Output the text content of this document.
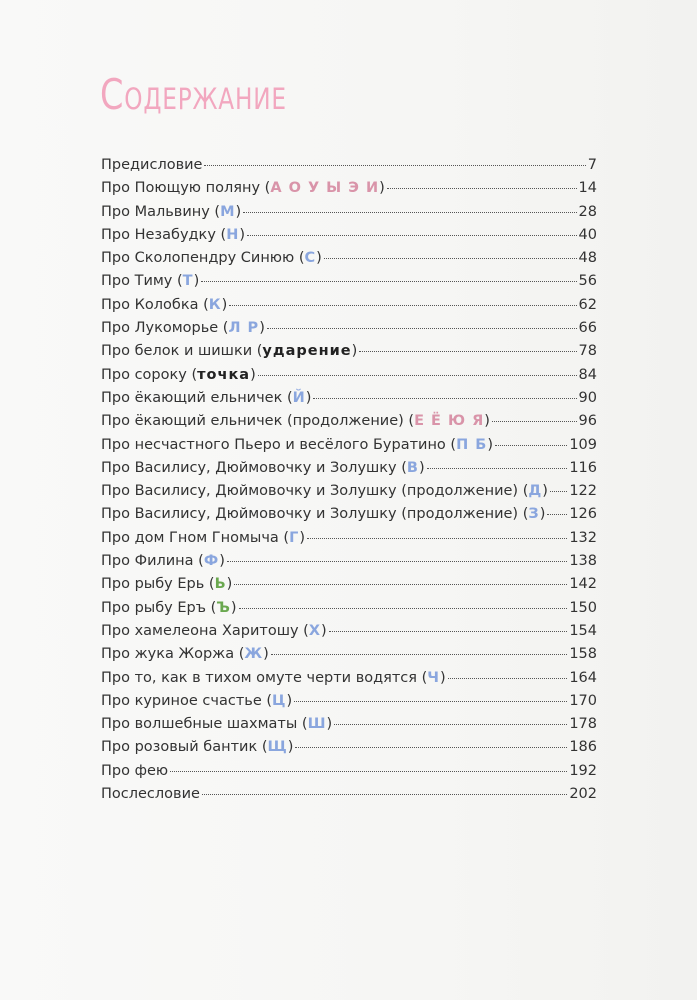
Содержание
Предисловие	7
Про Поющую поляну (А О У Ы Э И)	14
Про Мальвину (М)	28
Про Незабудку (Н)	40
Про Сколопендру Синюю (С)	48
Про Тиму (Т)	56
Про Колобка (К)	62
Про Лукоморье (Л Р)	66
Про белок и шишки (ударение)	78
Про сороку (точка)	84
Про ёкающий ельничек (Й)	90
Про ёкающий ельничек (продолжение) (Е Ё Ю Я)	96
Про несчастного Пьеро и весёлого Буратино (П Б)	109
Про Василису, Дюймовочку и Золушку (В)	116
Про Василису, Дюймовочку и Золушку (продолжение) (Д) 122
Про Василису, Дюймовочку и Золушку (продолжение) (З) 126
Про дом Гном Гномыча (Г)	132
Про Филина (Ф)	138
Про рыбу Ерь (Ь)	142
Про рыбу Еръ (Ъ)	150
Про хамелеона Харитошу (Х)	154
Про жука Жоржа (Ж)	158
Про то, как в тихом омуте черти водятся (Ч)	164
Про куриное счастье (Ц)	170
Про волшебные шахматы (Ш)	178
Про розовый бантик (Щ)	186
Про фею	192
Послесловие	202
